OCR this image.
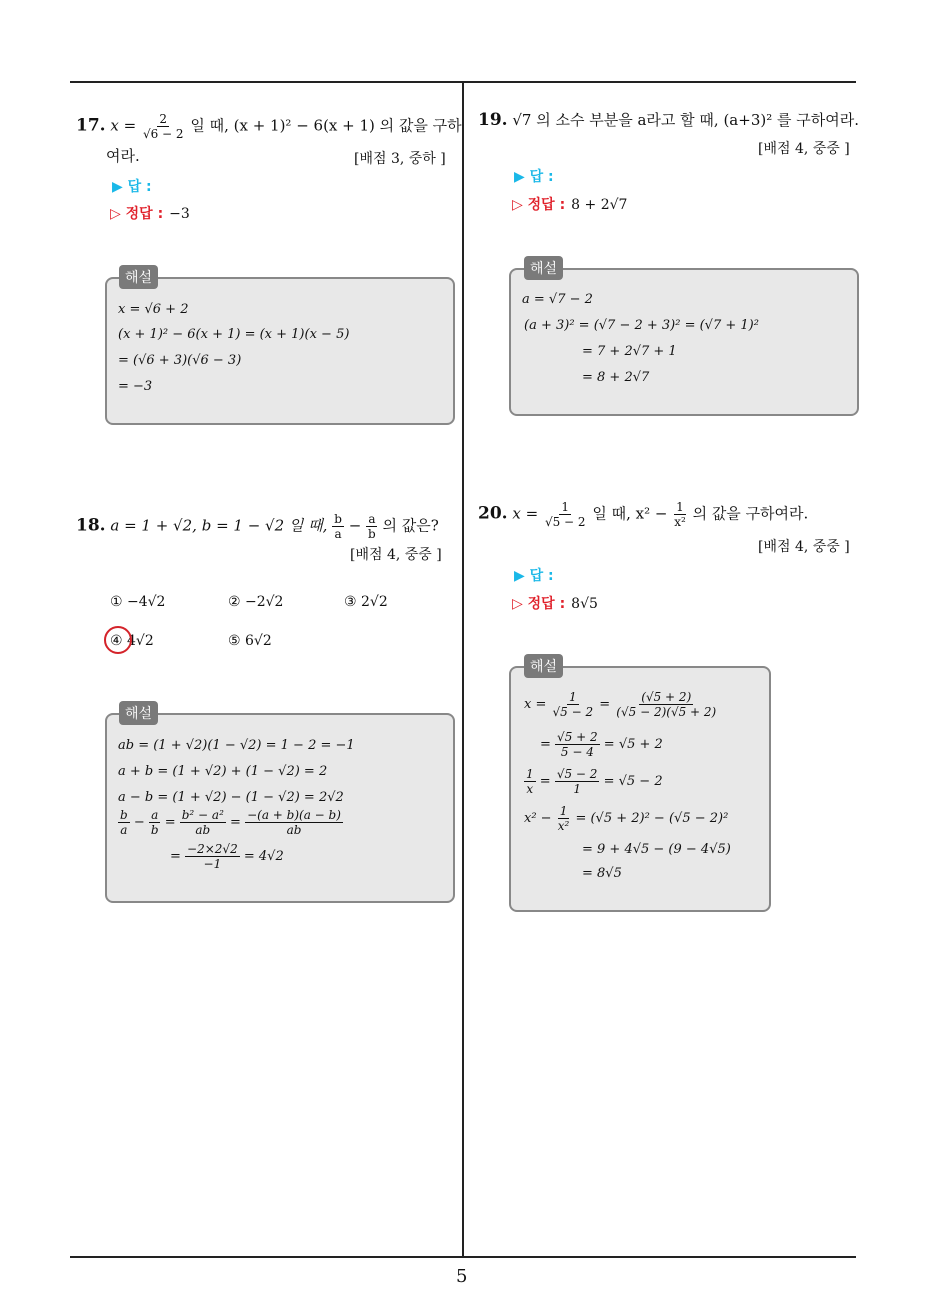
5
17. $x = \frac{2}{√6 - 2}$ 일 때, (x + 1)² − 6(x + 1) 의 값을 구하
여라.	[배점 3, 중하 ]
▶ 답 :
▷ 정답 : −3
해설
x = √6 + 2
(x + 1)² − 6(x + 1) = (x + 1)(x − 5)
= (√6 + 3)(√6 − 3)
= −3
18. a = 1 + √2, b = 1 − √2 일 때, $\frac{b}{a} - \frac{a}{b}$ 의 값은?
[배점 4, 중중 ]
① −4√2	② −2√2	③ 2√2
④ 4√2	⑤ 6√2
해설
ab = (1 + √2)(1 − √2) = 1 − 2 = −1
a + b = (1 + √2) + (1 − √2) = 2
a − b = (1 + √2) − (1 − √2) = 2√2
$\frac{b}{a} - \frac{a}{b} = \frac{\text{b² − a²}}{ab} = \frac{-(a + b)(a - b)}{ab}$
= $\frac{-2\times 2√2}{-1} = 4√2$
19. √7 의 소수 부분을 a라고 할 때, (a+3)² 를 구하여라.
[배점 4, 중중 ]
▶ 답 :
▷ 정답 : 8 + 2√7
해설
a = √7 − 2
(a + 3)² = (√7 − 2 + 3)² = (√7 + 1)²
= 7 + 2√7 + 1
= 8 + 2√7
20. $x = \frac{1}{√5 - 2}$ 일 때, $x^2 - \frac{1}{\text{x²}}$ 의 값을 구하여라.
[배점 4, 중중 ]
▶ 답 :
▷ 정답 : 8√5
해설
$x = \frac{1}{√5 - 2} = \frac{(√5 + 2)}{(√5 - 2)(√5 + 2)}$
= $\frac{√5 + 2}{5 - 4} = √5 + 2$
$\frac{1}{x} = \frac{√5 - 2}{1} = √5 - 2$
$x^2 - \frac{1}{\text{x²}} = (√5 + 2)^2 - (√5 - 2)^2$
= 9 + 4√5 − (9 − 4√5)
= 8√5
